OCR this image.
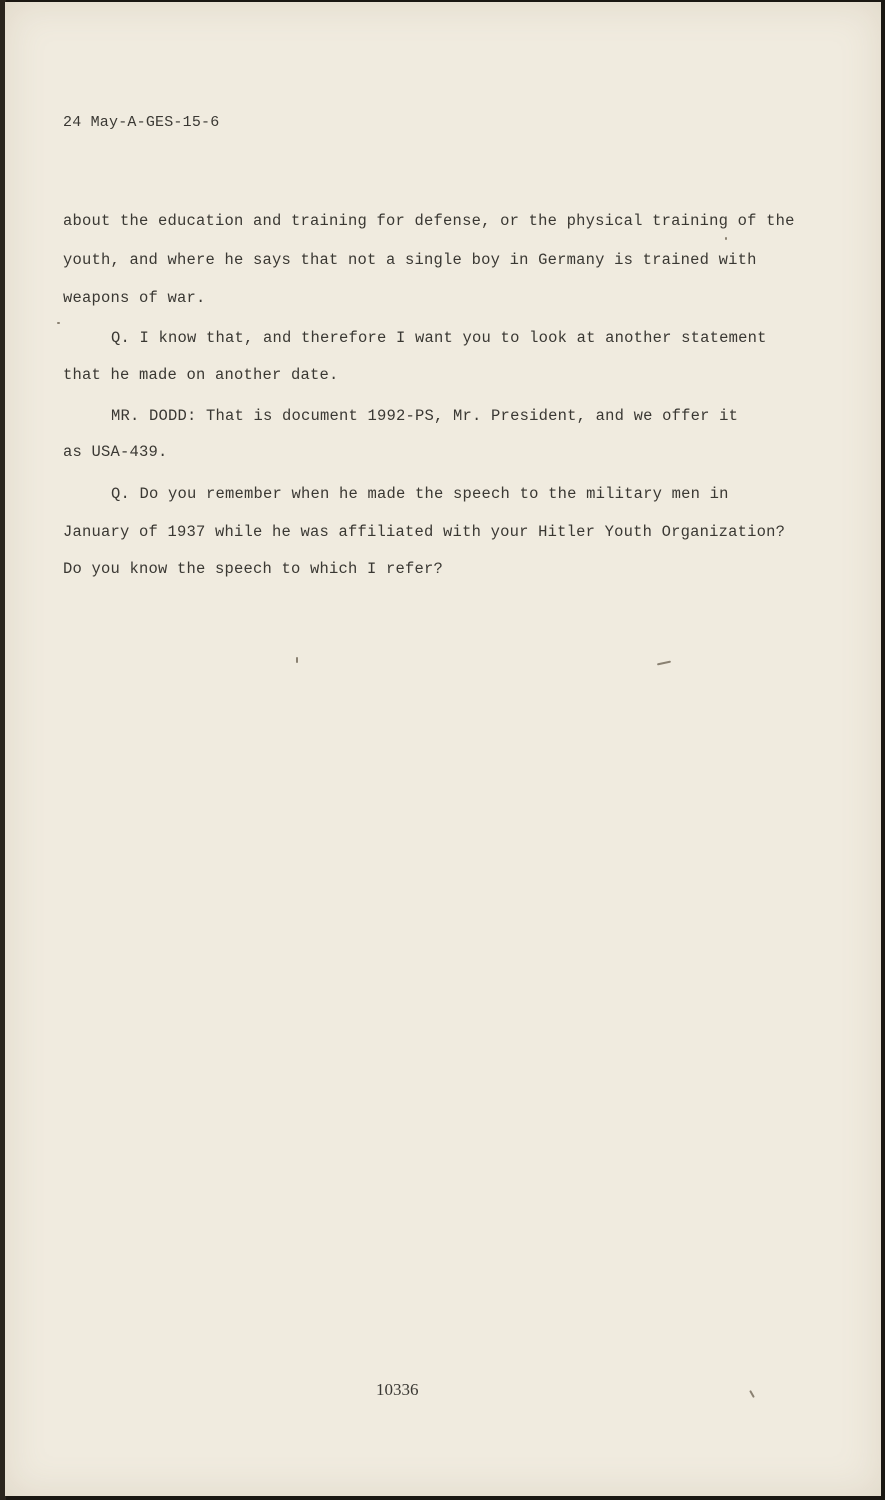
24 May-A-GES-15-6

about the education and training for defense, or the physical training of the

youth, and where he says that not a single boy in Germany is trained with

weapons of war.

Q. I know that, and therefore I want you to look at another statement

that he made on another date.

MR. DODD: That is document 1992-PS, Mr. President, and we offer it

as USA-439.

Q. Do you remember when he made the speech to the military men in

January of 1937 while he was affiliated with your Hitler Youth Organization?

Do you know the speech to which I refer?

10336
